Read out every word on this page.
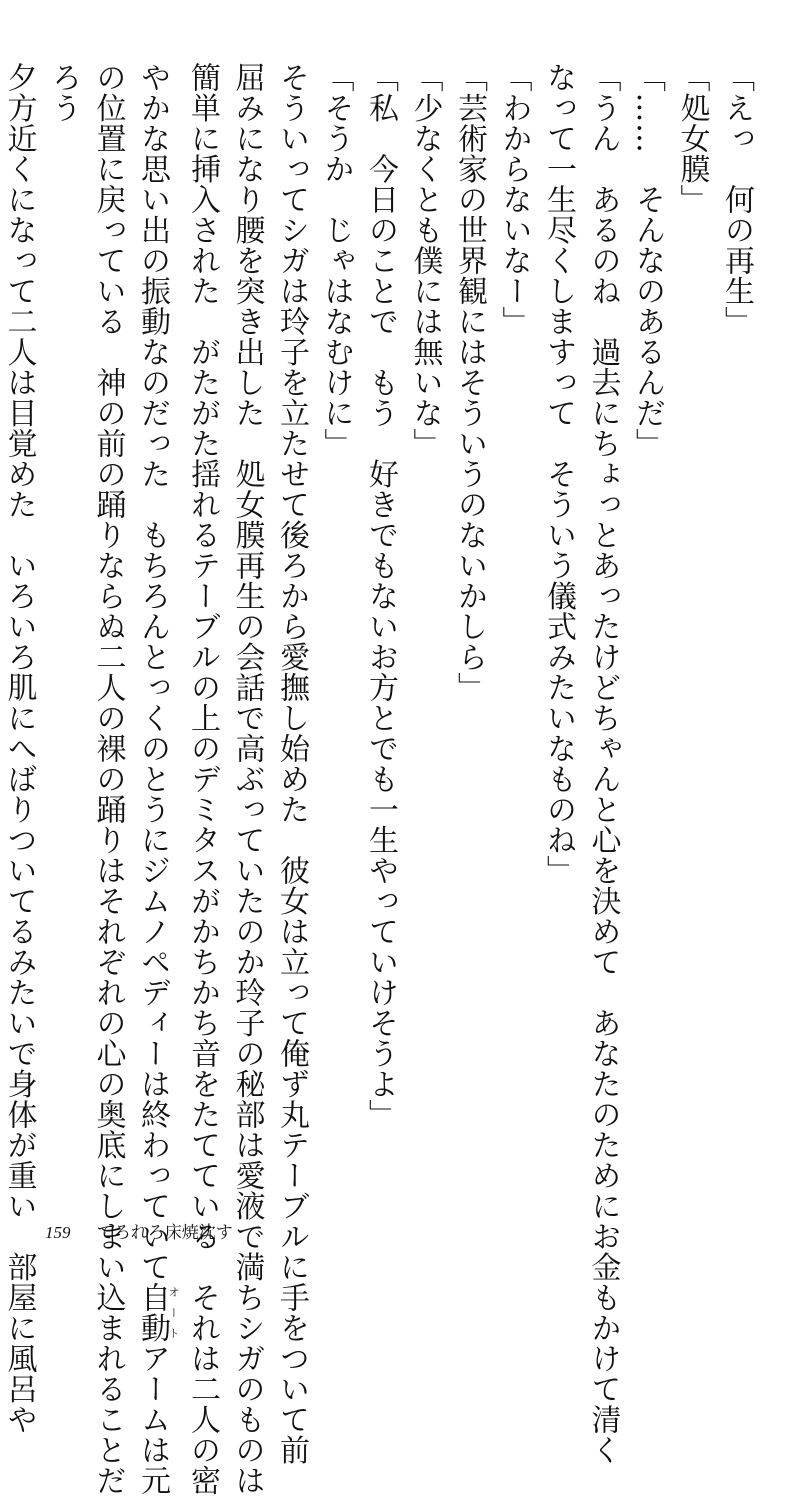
「えっ　何の再生」

「処女膜」

「……　そんなのあるんだ」

「うん　あるのね　過去にちょっとあったけどちゃんと心を決めて　あなたのためにお金もかけて清く

なって一生尽くしますって　そういう儀式みたいなものね」

「わからないなー」

「芸術家の世界観にはそういうのないかしら」

「少なくとも僕には無いな」

「私　今日のことで　もう　好きでもないお方とでも一生やっていけそうよ」

「そうか　じゃはなむけに」

そういってシガは玲子を立たせて後ろから愛撫し始めた　彼女は立って俺ず丸テーブルに手をついて前

屈みになり腰を突き出した　処女膜再生の会話で高ぶっていたのか玲子の秘部は愛液で満ちシガのものは

簡単に挿入された　がたがた揺れるテーブルの上のデミタスがかちかち音をたてている　それは二人の密

やかな思い出の振動なのだった　もちろんとっくのとうにジムノペディーは終わっていて自動オートアームは元

の位置に戻っている　神の前の踊りならぬ二人の裸の踊りはそれぞれの心の奥底にしまい込まれることだ

ろう

夕方近くになって二人は目覚めた　いろいろ肌にへばりついてるみたいで身体が重い　部屋に風呂や 159 てろれろ床焼沈す
